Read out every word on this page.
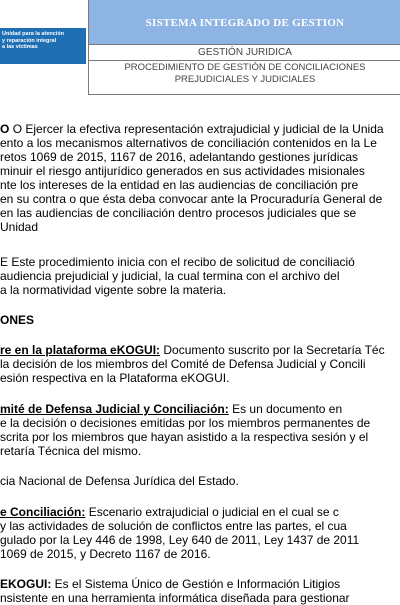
Unidad para la atención
y reparación integral
a las víctimas
SISTEMA INTEGRADO DE GESTION
GESTIÓN JURIDICA
PROCEDIMIENTO DE GESTIÓN DE CONCILIACIONES
PREJUDICIALES Y JUDICIALES
O O Ejercer la efectiva representación extrajudicial y judicial de la Unida
ento a los mecanismos alternativos de conciliación contenidos en la Le
retos 1069 de 2015, 1167 de 2016, adelantando gestiones jurídicas
minuir el riesgo antijurídico generados en sus actividades misionales
nte los intereses de la entidad en las audiencias de conciliación pre
en su contra o que ésta deba convocar ante la Procuraduría General de
en las audiencias de conciliación dentro procesos judiciales que se
Unidad
E Este procedimiento inicia con el recibo de solicitud de conciliació
audiencia prejudicial y judicial, la cual termina con el archivo del
a la normatividad vigente sobre la materia.
ONES
re en la plataforma eKOGUI: Documento suscrito por la Secretaría Téc
la decisión de los miembros del Comité de Defensa Judicial y Concili
esión respectiva en la Plataforma eKOGUI.
mité de Defensa Judicial y Conciliación: Es un documento en
e la decisión o decisiones emitidas por los miembros permanentes de
scrita por los miembros que hayan asistido a la respectiva sesión y el
retaría Técnica del mismo.
cia Nacional de Defensa Jurídica del Estado.
e Conciliación: Escenario extrajudicial o judicial en el cual se c
y las actividades de solución de conflictos entre las partes, el cua
gulado por la Ley 446 de 1998, Ley 640 de 2011, Ley 1437 de 2011
1069 de 2015, y Decreto 1167 de 2016.
EKOGUI: Es el Sistema Único de Gestión e Información Litigios
nsistente en una herramienta informática diseñada para gestionar
